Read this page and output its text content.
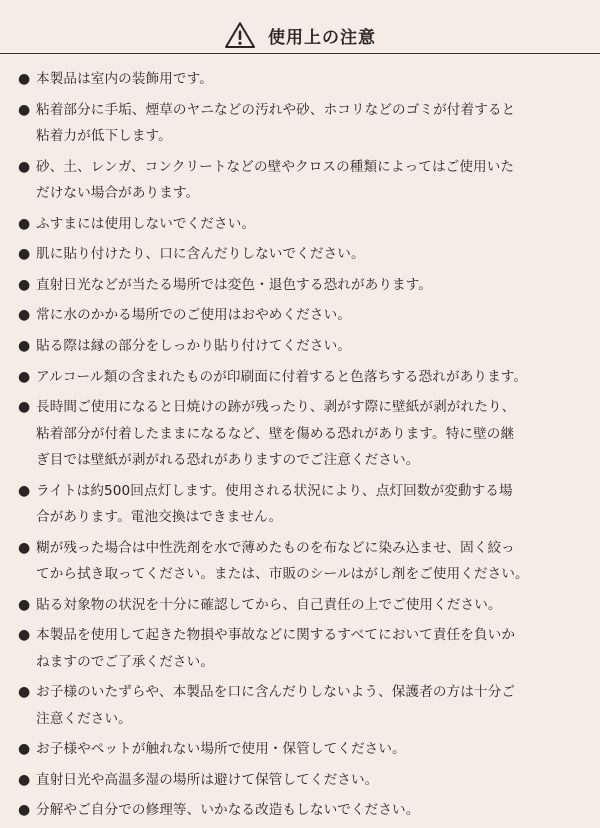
使用上の注意
● 本製品は室内の装飾用です。
● 粘着部分に手垢、煙草のヤニなどの汚れや砂、ホコリなどのゴミが付着すると
粘着力が低下します。
● 砂、土、レンガ、コンクリートなどの壁やクロスの種類によってはご使用いた
だけない場合があります。
● ふすまには使用しないでください。
● 肌に貼り付けたり、口に含んだりしないでください。
● 直射日光などが当たる場所では変色・退色する恐れがあります。
● 常に水のかかる場所でのご使用はおやめください。
● 貼る際は縁の部分をしっかり貼り付けてください。
● アルコール類の含まれたものが印刷面に付着すると色落ちする恐れがあります。
● 長時間ご使用になると日焼けの跡が残ったり、剥がす際に壁紙が剥がれたり、
粘着部分が付着したままになるなど、壁を傷める恐れがあります。特に壁の継
ぎ目では壁紙が剥がれる恐れがありますのでご注意ください。
● ライトは約500回点灯します。使用される状況により、点灯回数が変動する場
合があります。電池交換はできません。
● 糊が残った場合は中性洗剤を水で薄めたものを布などに染み込ませ、固く絞っ
てから拭き取ってください。または、市販のシールはがし剤をご使用ください。
● 貼る対象物の状況を十分に確認してから、自己責任の上でご使用ください。
● 本製品を使用して起きた物損や事故などに関するすべてにおいて責任を負いか
ねますのでご了承ください。
● お子様のいたずらや、本製品を口に含んだりしないよう、保護者の方は十分ご
注意ください。
● お子様やペットが触れない場所で使用・保管してください。
● 直射日光や高温多湿の場所は避けて保管してください。
● 分解やご自分での修理等、いかなる改造もしないでください。
